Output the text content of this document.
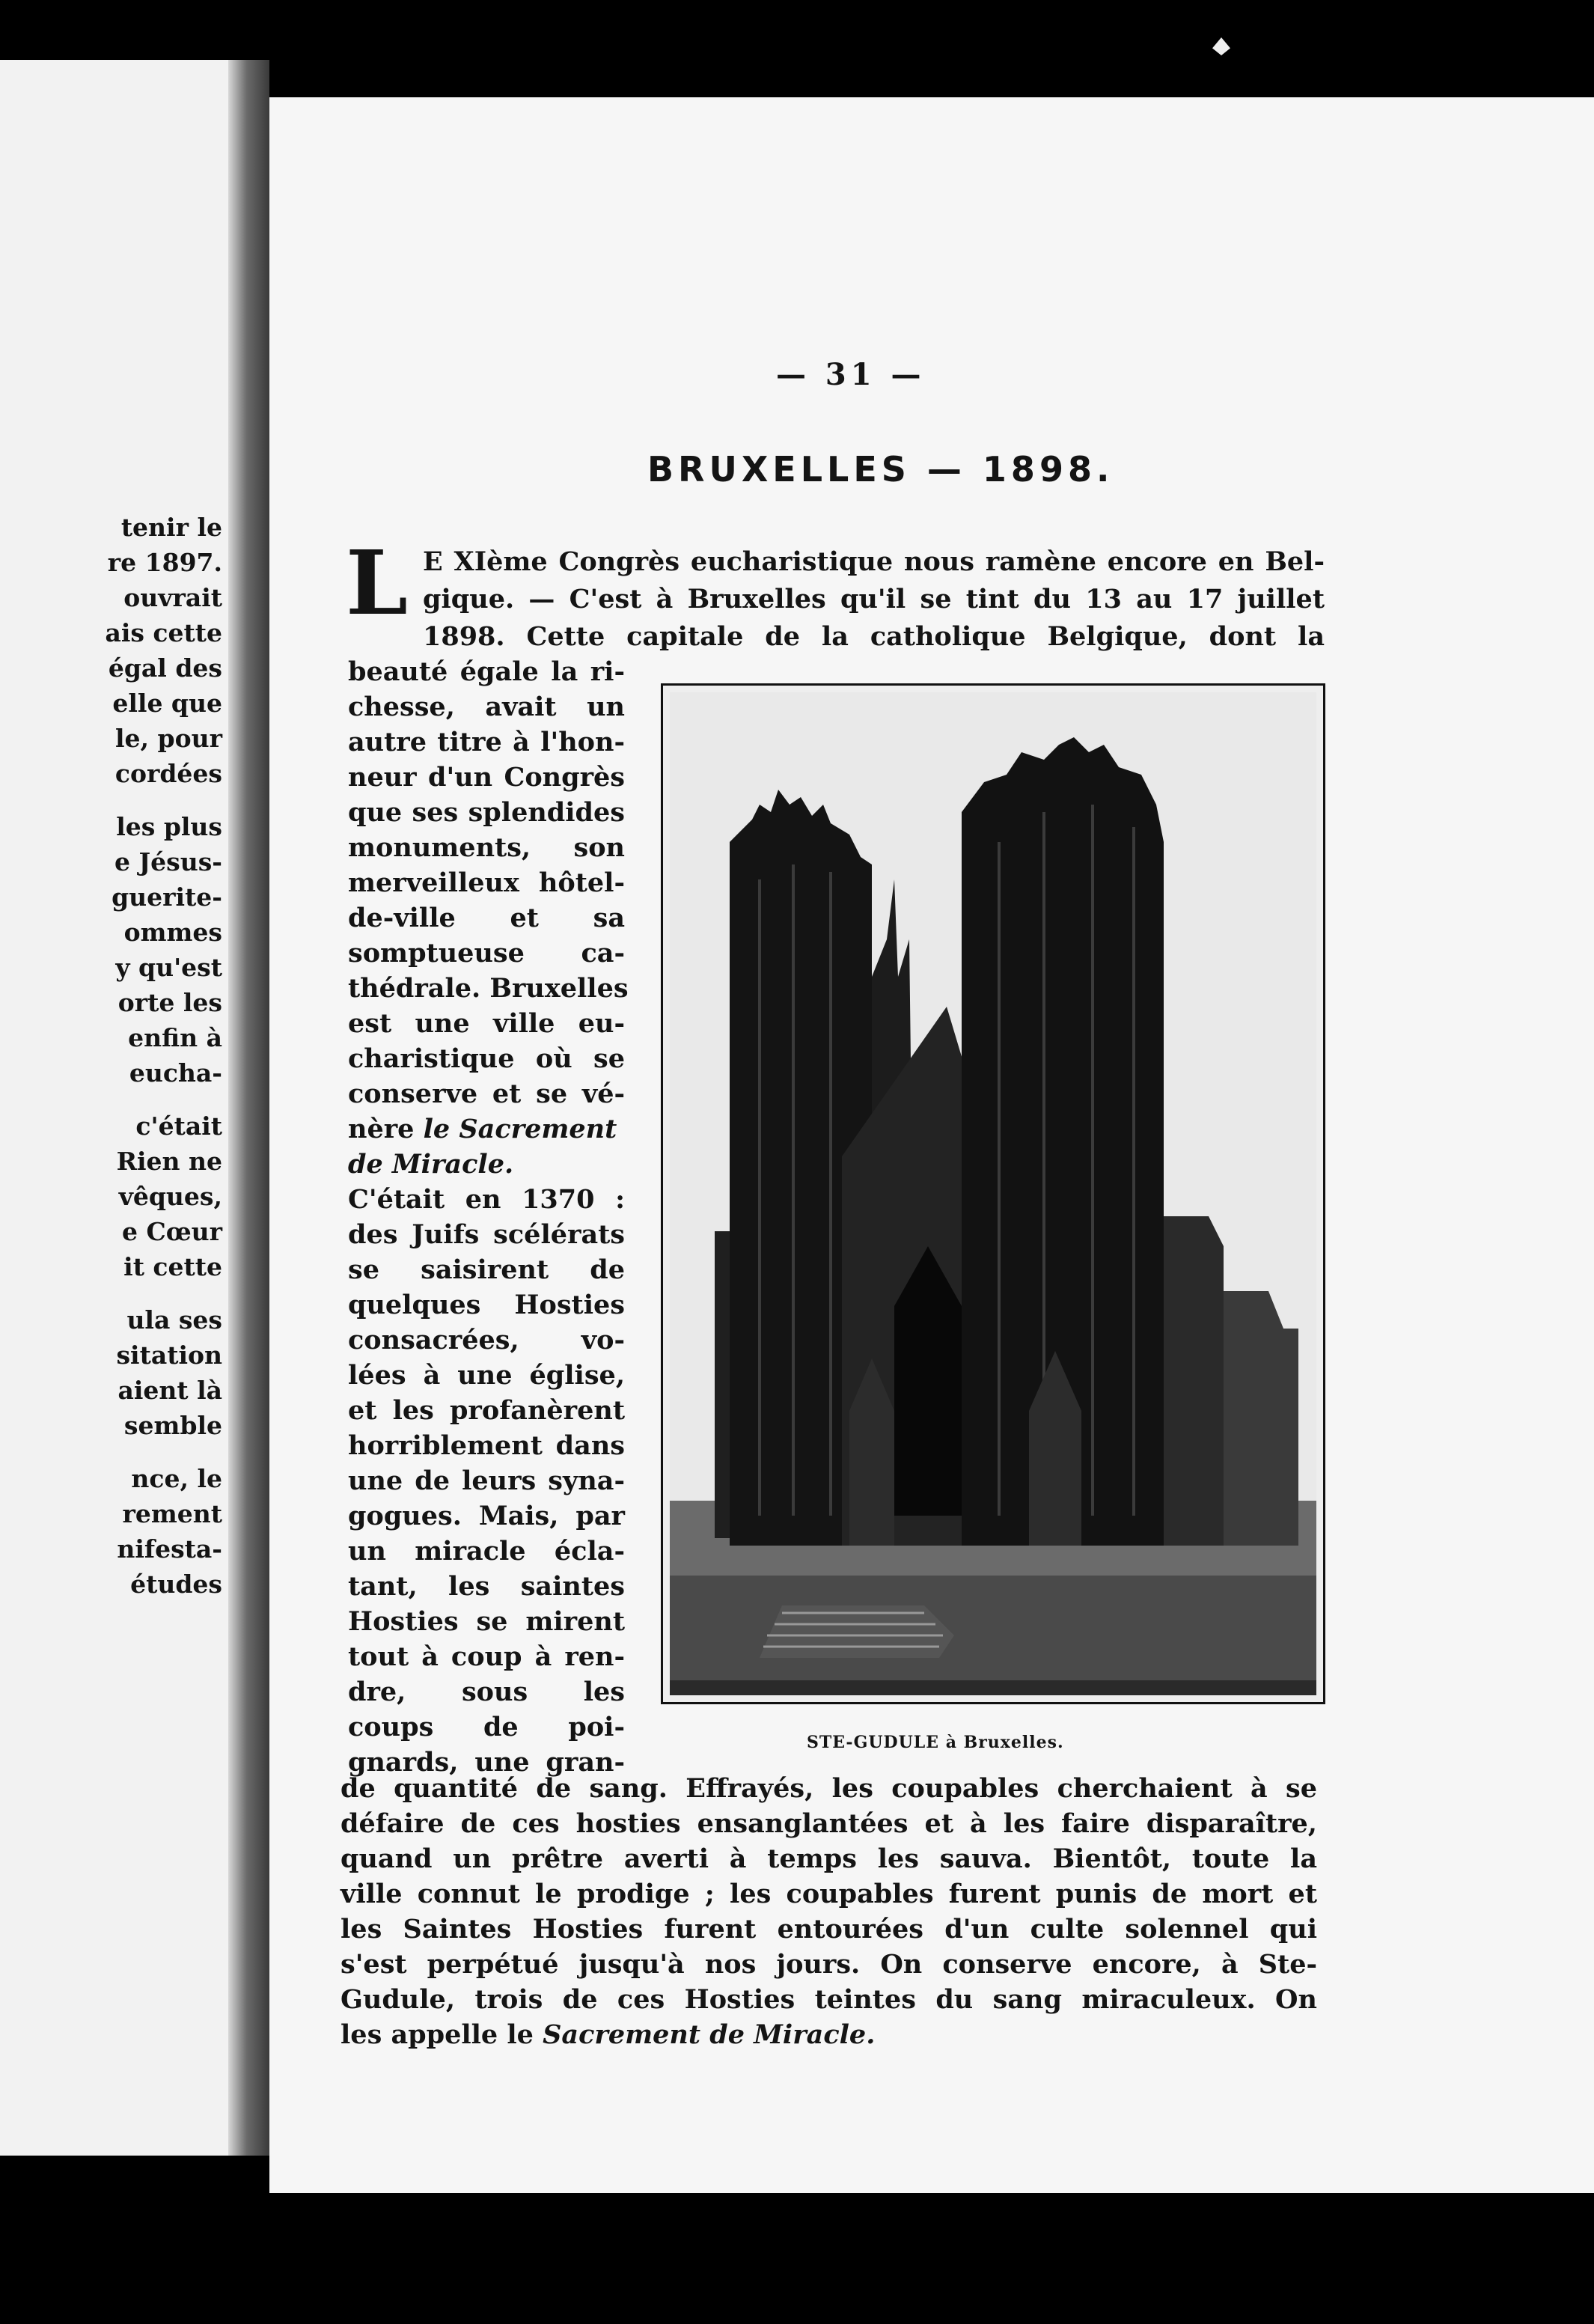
tenir le
re 1897.
ouvrait
ais cette
égal des
elle que
le, pour
cordées
les plus
e Jésus-
guerite-
ommes
y qu'est
orte les
enfin à
eucha-
c'était
Rien ne
vêques,
e Cœur
it cette
ula ses
sitation
aient là
semble
nce, le
rement
nifesta-
études
— 31 —
BRUXELLES — 1898.
L E XIème Congrès eucharistique nous ramène encore en Bel-
gique. — C'est à Bruxelles qu'il se tint du 13 au 17 juillet
1898. Cette capitale de la catholique Belgique, dont la
beauté égale la ri-
chesse, avait un
autre titre à l'hon-
neur d'un Congrès
que ses splendides
monuments, son
merveilleux hôtel-
de-ville et sa
somptueuse ca-
thédrale. Bruxelles
est une ville eu-
charistique où se
conserve et se vé-
nère le Sacrement
de Miracle.
C'était en 1370 :
des Juifs scélérats
se saisirent de
quelques Hosties
consacrées, vo-
lées à une église,
et les profanèrent
horriblement dans
une de leurs syna-
gogues. Mais, par
un miracle écla-
tant, les saintes
Hosties se mirent
tout à coup à ren-
dre, sous les
coups de poi-
gnards, une gran-
STE-GUDULE à Bruxelles.
de quantité de sang. Effrayés, les coupables cherchaient à se
défaire de ces hosties ensanglantées et à les faire disparaître,
quand un prêtre averti à temps les sauva. Bientôt, toute la
ville connut le prodige ; les coupables furent punis de mort et
les Saintes Hosties furent entourées d'un culte solennel qui
s'est perpétué jusqu'à nos jours. On conserve encore, à Ste-
Gudule, trois de ces Hosties teintes du sang miraculeux. On
les appelle le Sacrement de Miracle.
